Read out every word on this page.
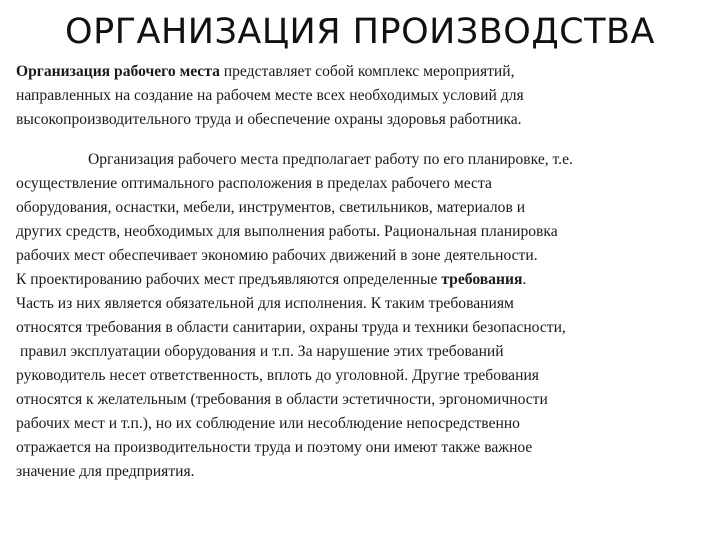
ОРГАНИЗАЦИЯ ПРОИЗВОДСТВА
Организация рабочего места представляет собой комплекс мероприятий,
направленных на создание на рабочем месте всех необходимых условий для
высокопроизводительного труда и обеспечение охраны здоровья работника.
Организация рабочего места предполагает работу по его планировке, т.е.
осуществление оптимального расположения в пределах рабочего места
оборудования, оснастки, мебели, инструментов, светильников, материалов и
других средств, необходимых для выполнения работы. Рациональная планировка
рабочих мест обеспечивает экономию рабочих движений в зоне деятельности.
К проектированию рабочих мест предъявляются определенные требования.
Часть из них является обязательной для исполнения. К таким требованиям
относятся требования в области санитарии, охраны труда и техники безопасности,
правил эксплуатации оборудования и т.п. За нарушение этих требований
руководитель несет ответственность, вплоть до уголовной. Другие требования
относятся к желательным (требования в области эстетичности, эргономичности
рабочих мест и т.п.), но их соблюдение или несоблюдение непосредственно
отражается на производительности труда и поэтому они имеют также важное
значение для предприятия.
